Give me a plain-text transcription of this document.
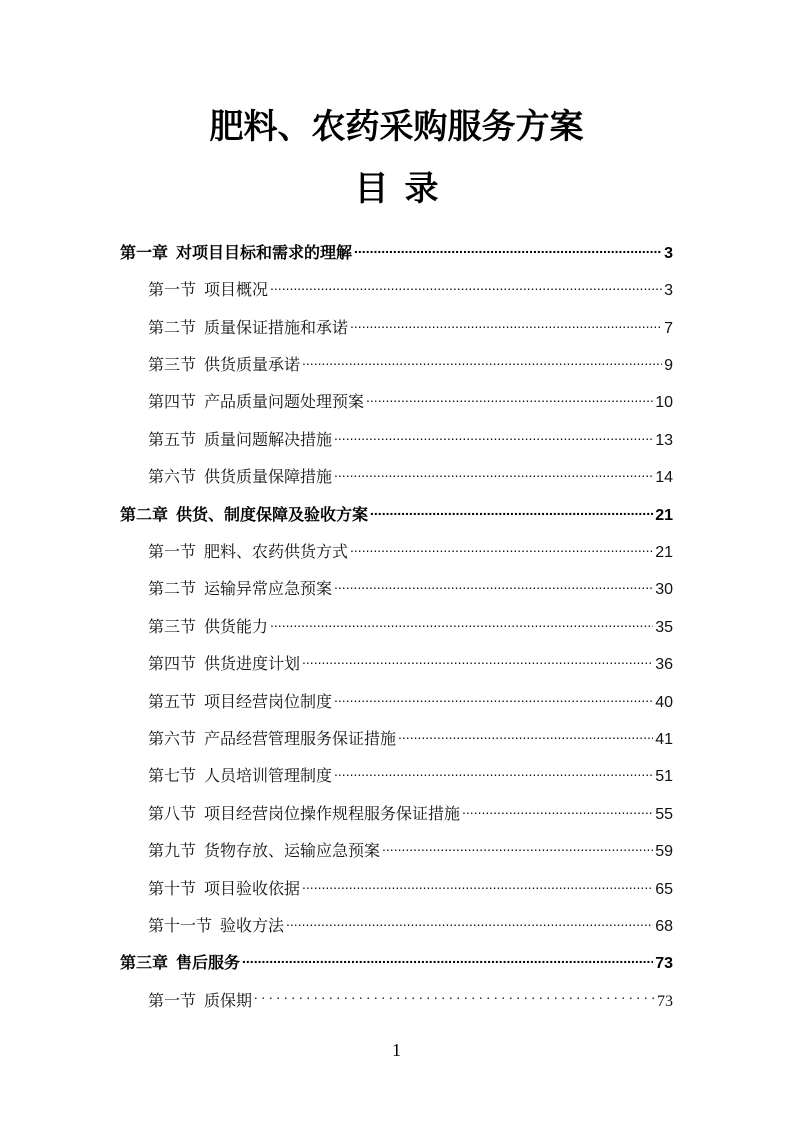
肥料、农药采购服务方案
目 录
第一章 对项目目标和需求的理解 .....	3
第一节 项目概况 .....	3
第二节 质量保证措施和承诺 .....	7
第三节 供货质量承诺 .....	9
第四节 产品质量问题处理预案 .....	10
第五节 质量问题解决措施 .....	13
第六节 供货质量保障措施 .....	14
第二章 供货、制度保障及验收方案 .....	21
第一节 肥料、农药供货方式 .....	21
第二节 运输异常应急预案 .....	30
第三节 供货能力 .....	35
第四节 供货进度计划 .....	36
第五节 项目经营岗位制度 .....	40
第六节 产品经营管理服务保证措施 .....	41
第七节 人员培训管理制度 .....	51
第八节 项目经营岗位操作规程服务保证措施 .....	55
第九节 货物存放、运输应急预案 .....	59
第十节 项目验收依据 .....	65
第十一节 验收方法 .....	68
第三章 售后服务 .....	73
第一节 质保期 .....	73
1
